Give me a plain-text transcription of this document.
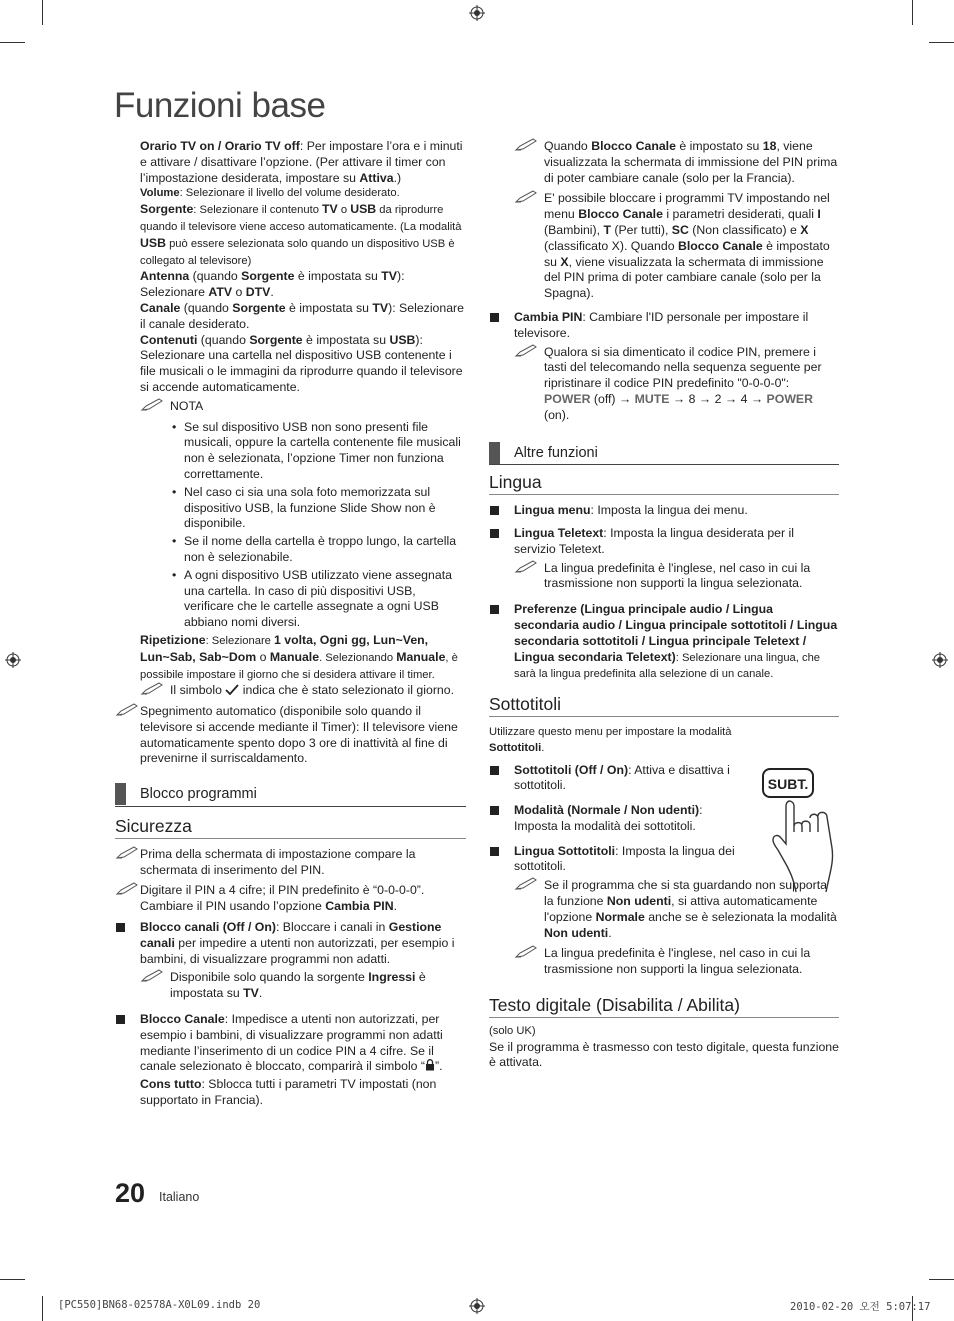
Funzioni base

Orario TV on / Orario TV off: Per impostare l’ora e i minuti e attivare / disattivare l’opzione. (Per attivare il timer con l’impostazione desiderata, impostare su Attiva.)

Volume: Selezionare il livello del volume desiderato.

Sorgente: Selezionare il contenuto TV o USB da riprodurre quando il televisore viene acceso automaticamente. (La modalità USB può essere selezionata solo quando un dispositivo USB è collegato al televisore)

Antenna (quando Sorgente è impostata su TV): Selezionare ATV o DTV.

Canale (quando Sorgente è impostata su TV): Selezionare il canale desiderato.

Contenuti (quando Sorgente è impostata su USB): Selezionare una cartella nel dispositivo USB contenente i file musicali o le immagini da riprodurre quando il televisore si accende automaticamente.

NOTA
• Se sul dispositivo USB non sono presenti file musicali, oppure la cartella contenente file musicali non è selezionata, l’opzione Timer non funziona correttamente.
• Nel caso ci sia una sola foto memorizzata sul dispositivo USB, la funzione Slide Show non è disponibile.
• Se il nome della cartella è troppo lungo, la cartella non è selezionabile.
• A ogni dispositivo USB utilizzato viene assegnata una cartella. In caso di più dispositivi USB, verificare che le cartelle assegnate a ogni USB abbiano nomi diversi.

Ripetizione: Selezionare 1 volta, Ogni gg, Lun~Ven, Lun~Sab, Sab~Dom o Manuale. Selezionando Manuale, è possibile impostare il giorno che si desidera attivare il timer.

Il simbolo  indica che è stato selezionato il giorno.
Spegnimento automatico (disponibile solo quando il televisore si accende mediante il Timer): Il televisore viene automaticamente spento dopo 3 ore di inattività al fine di prevenirne il surriscaldamento.
Blocco programmi
Sicurezza
Prima della schermata di impostazione compare la schermata di inserimento del PIN.
Digitare il PIN a 4 cifre; il PIN predefinito è “0-0-0-0”. Cambiare il PIN usando l’opzione Cambia PIN.
Blocco canali (Off / On): Bloccare i canali in Gestione canali per impedire a utenti non autorizzati, per esempio i bambini, di visualizzare programmi non adatti.
Disponibile solo quando la sorgente Ingressi è impostata su TV.
Blocco Canale: Impedisce a utenti non autorizzati, per esempio i bambini, di visualizzare programmi non adatti mediante l’inserimento di un codice PIN a 4 cifre. Se il canale selezionato è bloccato, comparirà il simbolo “ ”.

Cons tutto: Sblocca tutti i parametri TV impostati (non supportato in Francia).

Quando Blocco Canale è impostato su 18, viene visualizzata la schermata di immissione del PIN prima di poter cambiare canale (solo per la Francia).
E' possibile bloccare i programmi TV impostando nel menu Blocco Canale i parametri desiderati, quali I (Bambini), T (Per tutti), SC (Non classificato) e X (classificato X). Quando Blocco Canale è impostato su X, viene visualizzata la schermata di immissione del PIN prima di poter cambiare canale (solo per la Spagna).
Cambia PIN: Cambiare l'ID personale per impostare il televisore.
Qualora si sia dimenticato il codice PIN, premere i tasti del telecomando nella sequenza seguente per ripristinare il codice PIN predefinito "0-0-0-0": POWER (off) → MUTE → 8 → 2 → 4 → POWER (on).
Altre funzioni
Lingua
Lingua menu: Imposta la lingua dei menu.
Lingua Teletext: Imposta la lingua desiderata per il servizio Teletext.
La lingua predefinita è l'inglese, nel caso in cui la trasmissione non supporti la lingua selezionata.
Preferenze (Lingua principale audio / Lingua secondaria audio / Lingua principale sottotitoli / Lingua secondaria sottotitoli / Lingua principale Teletext / Lingua secondaria Teletext): Selezionare una lingua, che sarà la lingua predefinita alla selezione di un canale.
Sottotitoli

Utilizzare questo menu per impostare la modalità Sottotitoli.

Sottotitoli (Off / On): Attiva e disattiva i sottotitoli.
Modalità (Normale / Non udenti): Imposta la modalità dei sottotitoli.
Lingua Sottotitoli: Imposta la lingua dei sottotitoli.
Se il programma che si sta guardando non supporta la funzione Non udenti, si attiva automaticamente l'opzione Normale anche se è selezionata la modalità Non udenti.
La lingua predefinita è l'inglese, nel caso in cui la trasmissione non supporti la lingua selezionata.
Testo digitale (Disabilita / Abilita)

(solo UK)

Se il programma è trasmesso con testo digitale, questa funzione è attivata.

SUBT.
20 Italiano
[PC550]BN68-02578A-X0L09.indb 20	2010-02-20 오전 5:07:17
